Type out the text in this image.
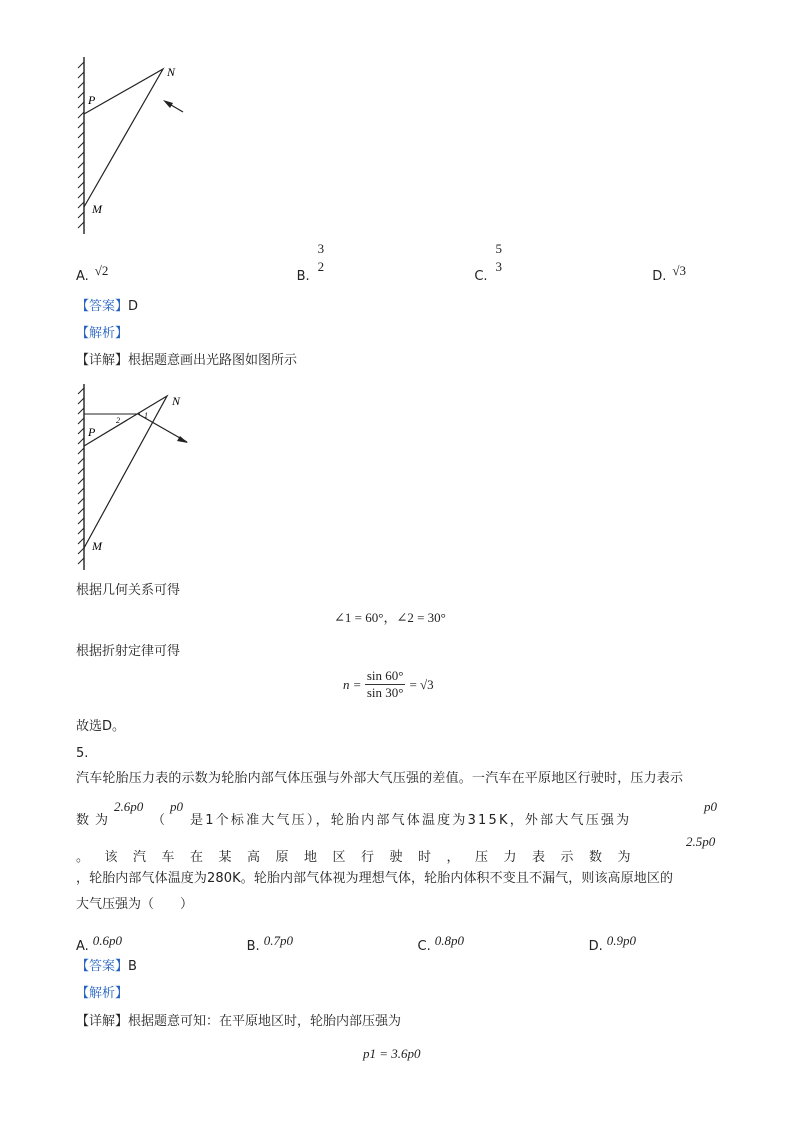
N
P
M
A. √2	B.
3
2
C.
5
3
D. √3
【答案】D
【解析】
【详解】根据题意画出光路图如图所示
2
1
N
P
M
根据几何关系可得
∠1 = 60°，∠2 = 30°
根据折射定律可得
$n = \frac{\sin 60^\circ}{\sin 30^\circ} = √3$
故选D。
5.
汽车轮胎压力表的示数为轮胎内部气体压强与外部大气压强的差值。一汽车在平原地区行驶时，压力表示
数为
2.6p0
（
p0
是1个标准大气压），轮胎内部气体温度为315K，外部大气压强为
p0
。该汽车在某高原地区行驶时，压力表示数为
2.5p0
，轮胎内部气体温度为280K。轮胎内部气体视为理想气体，轮胎内体积不变且不漏气，则该高原地区的
大气压强为（　　）
A. 0.6p0	B. 0.7p0	C. 0.8p0	D. 0.9p0
【答案】B
【解析】
【详解】根据题意可知：在平原地区时，轮胎内部压强为
p1 = 3.6p0
